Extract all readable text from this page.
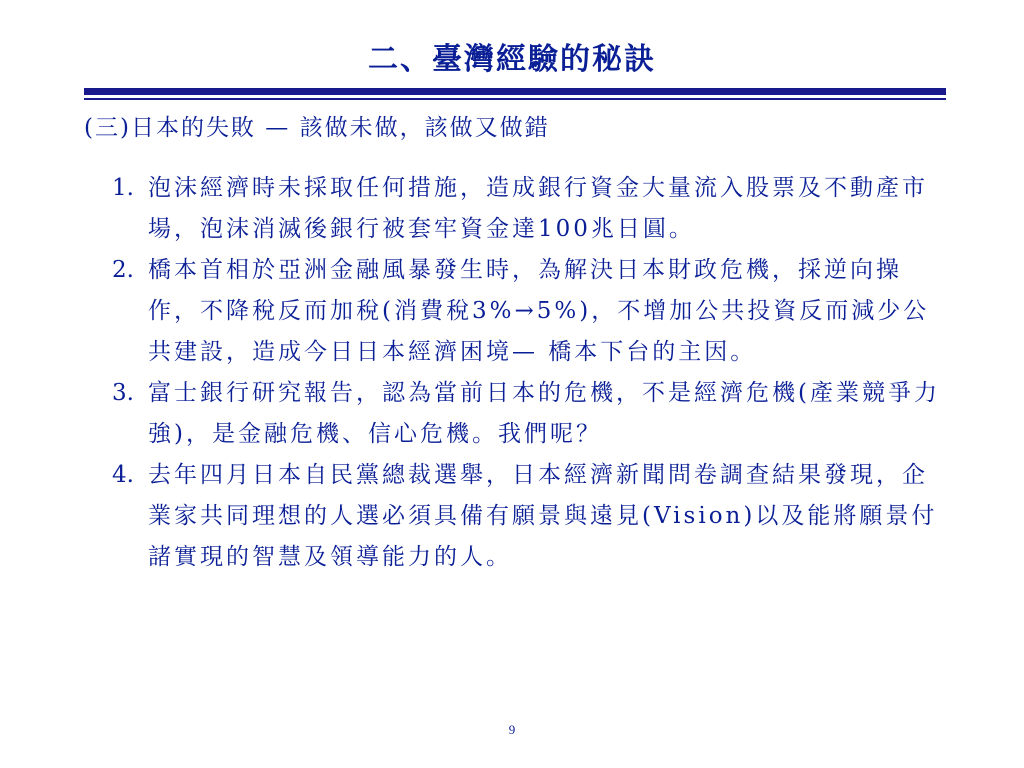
二、臺灣經驗的秘訣
(三)日本的失敗 — 該做未做，該做又做錯
1. 泡沫經濟時未採取任何措施，造成銀行資金大量流入股票及不動產市場，泡沫消滅後銀行被套牢資金達100兆日圓。
2. 橋本首相於亞洲金融風暴發生時，為解決日本財政危機，採逆向操作，不降稅反而加稅(消費稅3%→5%)，不增加公共投資反而減少公共建設，造成今日日本經濟困境— 橋本下台的主因。
3. 富士銀行研究報告，認為當前日本的危機，不是經濟危機(產業競爭力強)，是金融危機、信心危機。我們呢？
4. 去年四月日本自民黨總裁選舉，日本經濟新聞問卷調查結果發現，企業家共同理想的人選必須具備有願景與遠見(Vision)以及能將願景付諸實現的智慧及領導能力的人。
9
